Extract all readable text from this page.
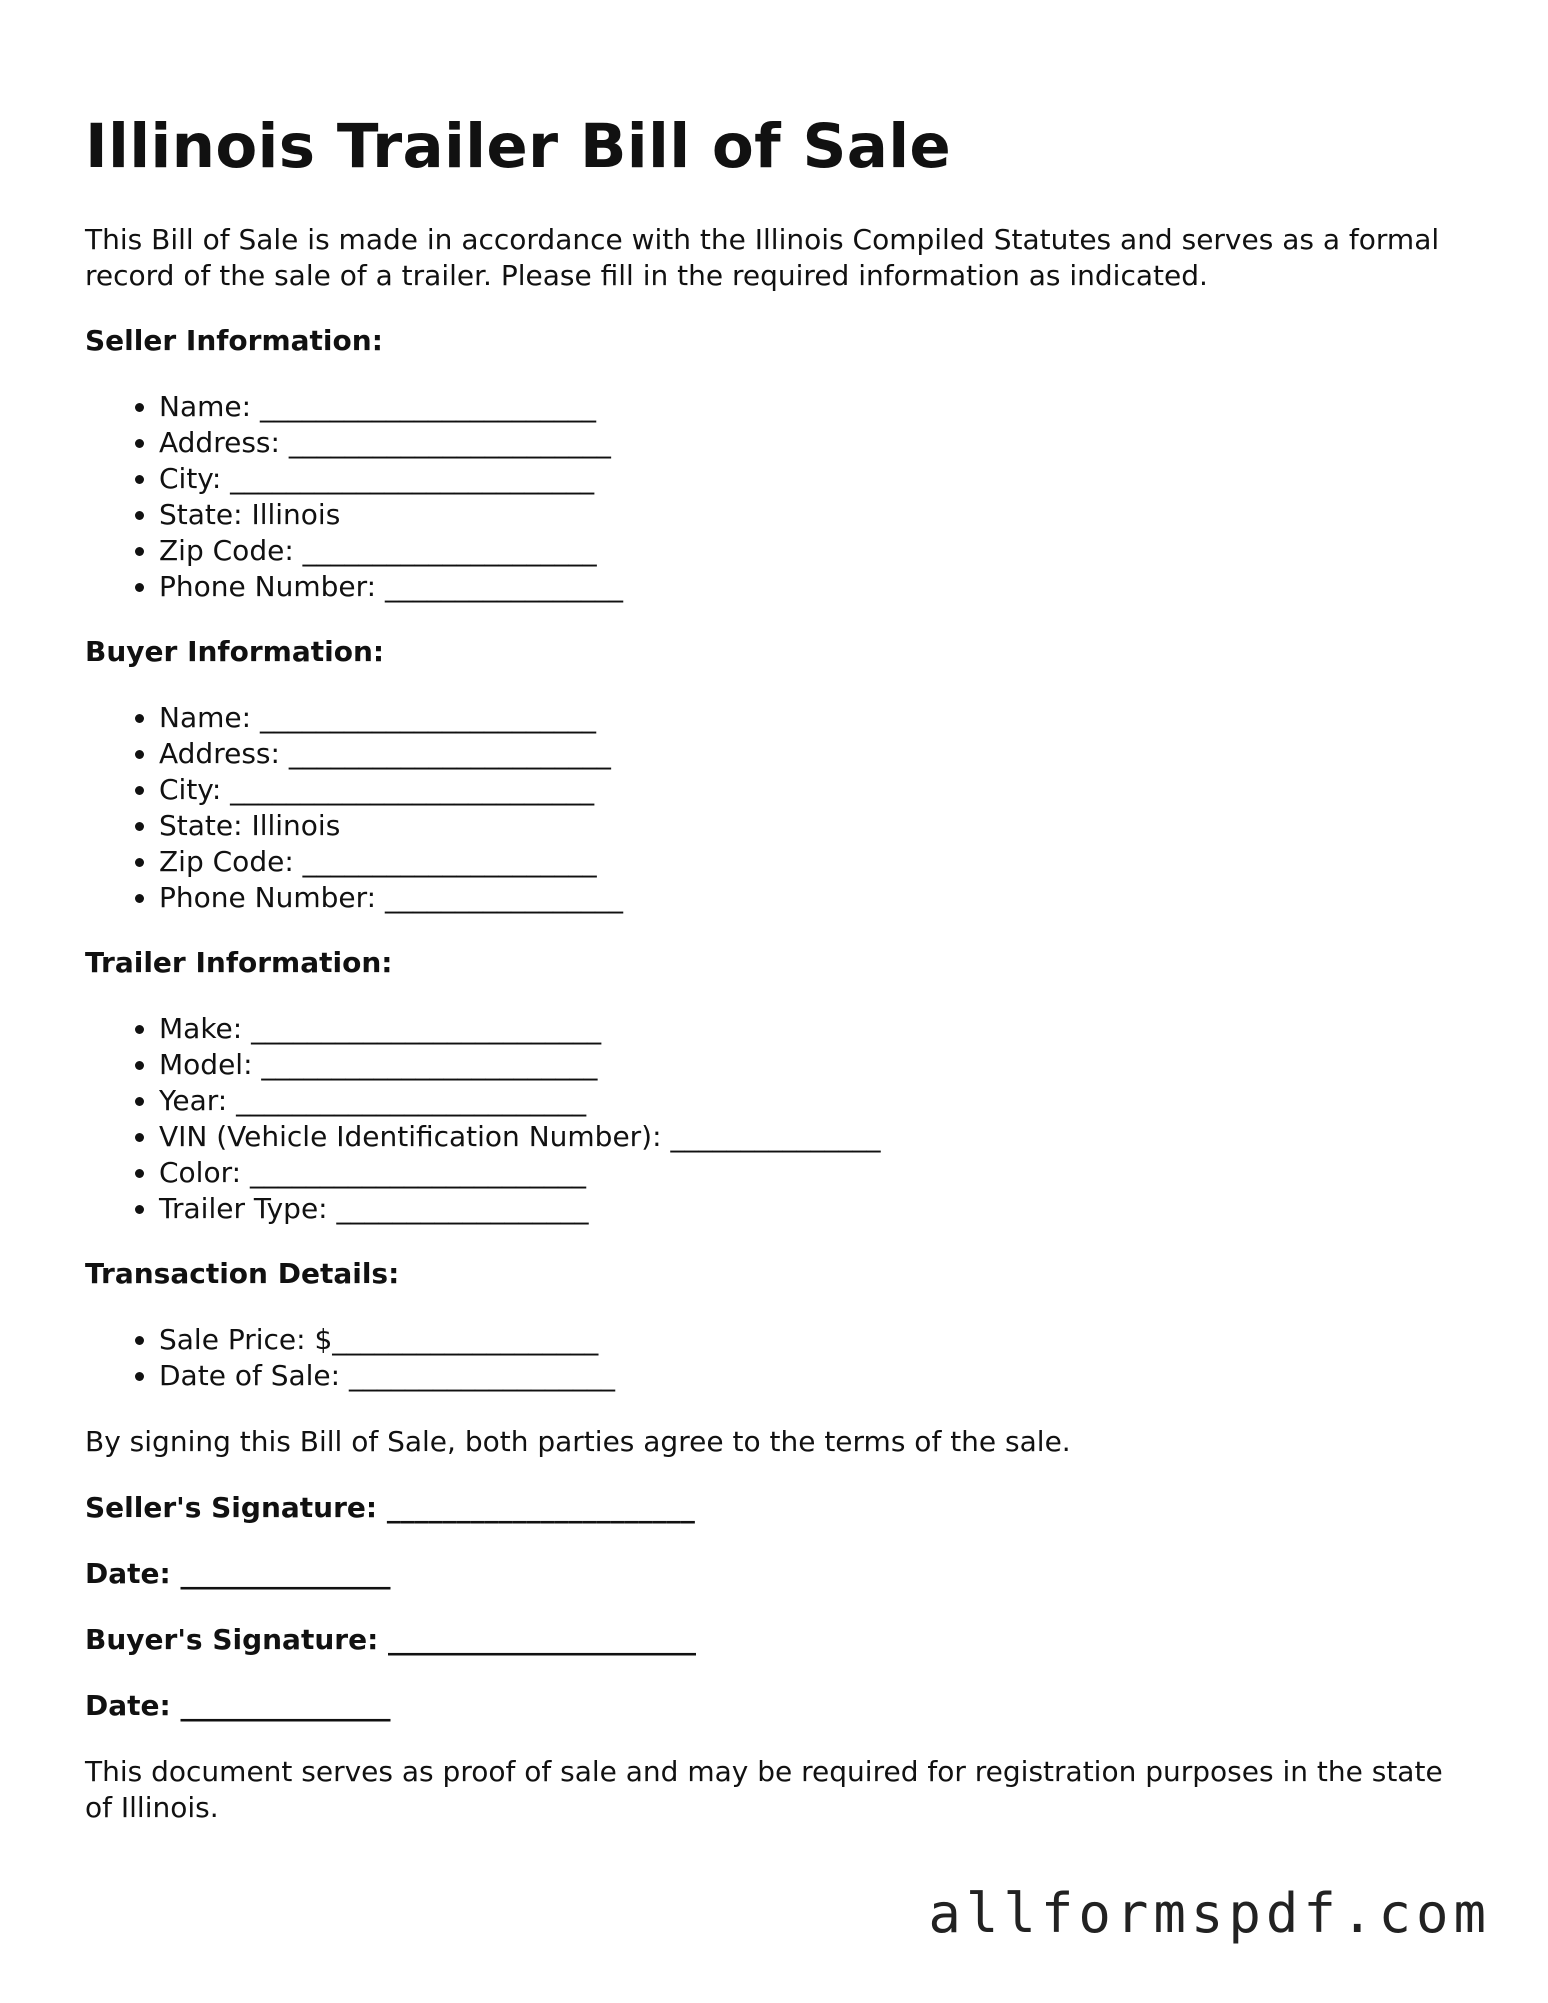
Illinois Trailer Bill of Sale

This Bill of Sale is made in accordance with the Illinois Compiled Statutes and serves as a formal record of the sale of a trailer. Please fill in the required information as indicated.

Seller Information:
• Name: ________________________
• Address: _______________________
• City: __________________________
• State: Illinois
• Zip Code: _____________________
• Phone Number: _________________
Buyer Information:
• Name: ________________________
• Address: _______________________
• City: __________________________
• State: Illinois
• Zip Code: _____________________
• Phone Number: _________________
Trailer Information:
• Make: _________________________
• Model: ________________________
• Year: _________________________
• VIN (Vehicle Identification Number): _______________
• Color: ________________________
• Trailer Type: __________________
Transaction Details:
• Sale Price: $___________________
• Date of Sale: ___________________

By signing this Bill of Sale, both parties agree to the terms of the sale.

Seller's Signature: ______________________
Date: _______________
Buyer's Signature: ______________________
Date: _______________

This document serves as proof of sale and may be required for registration purposes in the state of Illinois.

allformspdf.com
